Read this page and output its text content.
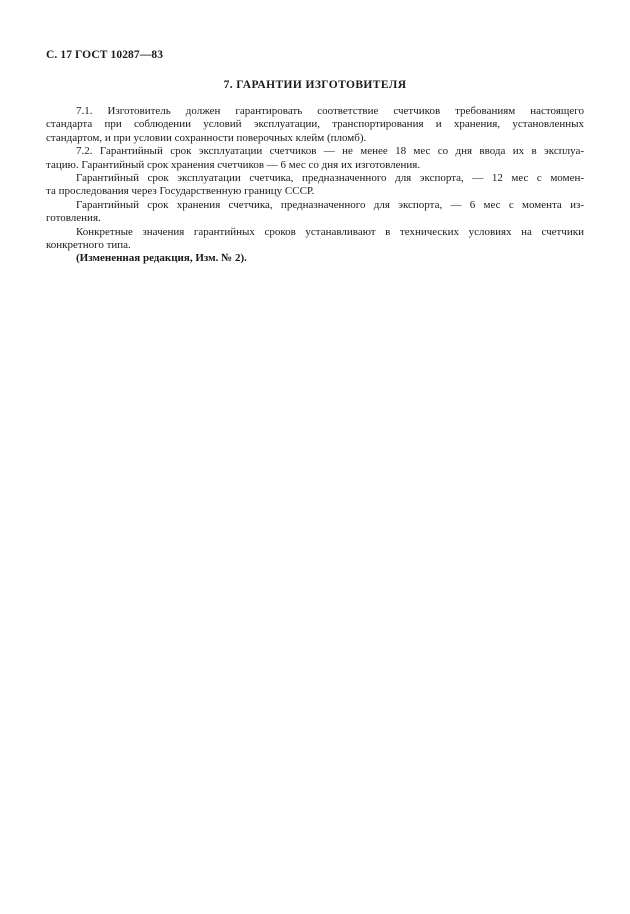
С. 17 ГОСТ 10287—83
7. ГАРАНТИИ ИЗГОТОВИТЕЛЯ
7.1. Изготовитель должен гарантировать соответствие счетчиков требованиям настоящего
стандарта при соблюдении условий эксплуатации, транспортирования и хранения, установленных
стандартом, и при условии сохранности поверочных клейм (пломб).
7.2. Гарантийный срок эксплуатации счетчиков — не менее 18 мес со дня ввода их в эксплуа-
тацию. Гарантийный срок хранения счетчиков — 6 мес со дня их изготовления.
Гарантийный срок эксплуатации счетчика, предназначенного для экспорта, — 12 мес с момен-
та проследования через Государственную границу СССР.
Гарантийный срок хранения счетчика, предназначенного для экспорта, — 6 мес с момента из-
готовления.
Конкретные значения гарантийных сроков устанавливают в технических условиях на счетчики
конкретного типа.
(Измененная редакция, Изм. № 2).
